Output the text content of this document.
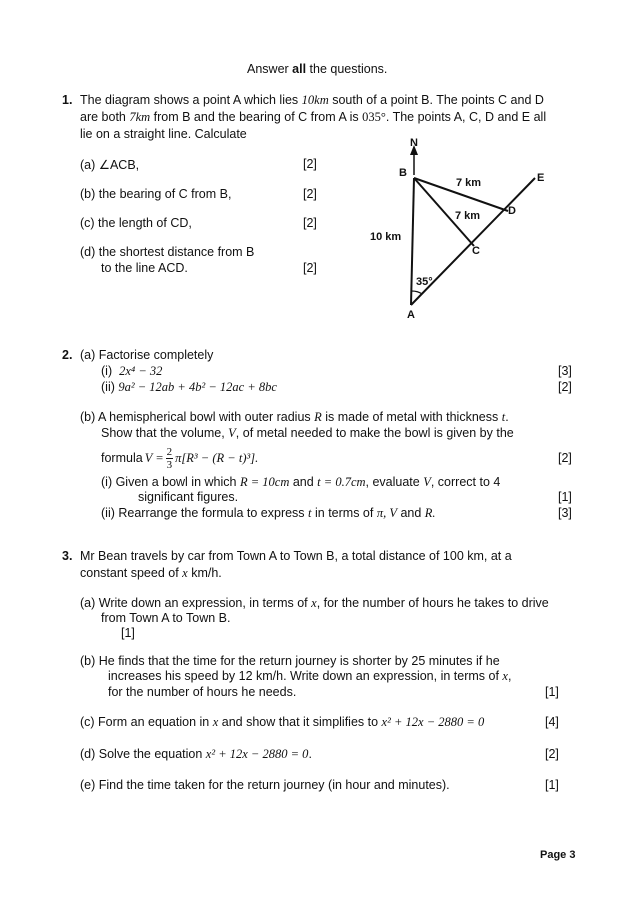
Answer all the questions.
1. The diagram shows a point A which lies 10km south of a point B. The points C and D
are both 7km from B and the bearing of C from A is 035°. The points A, C, D and E all
lie on a straight line. Calculate
(a) ∠ACB,	[2]
(b) the bearing of C from B,	[2]
(c) the length of CD,	[2]
(d) the shortest distance from B
to the line ACD.	[2]
N
B	E
D
C
A
7 km
7 km
10 km
35°
2. (a) Factorise completely
(i) 2x⁴ − 32	[3]
(ii) 9a² − 12ab + 4b² − 12ac + 8bc	[2]
(b) A hemispherical bowl with outer radius R is made of metal with thickness t.
Show that the volume, V, of metal needed to make the bowl is given by the
formula $V = \frac{2}{3} \pi[R^3 - (R - t)^3]$.	[2]
(i) Given a bowl in which R = 10cm and t = 0.7cm, evaluate V, correct to 4
significant figures.	[1]
(ii) Rearrange the formula to express t in terms of π, V and R.	[3]
3. Mr Bean travels by car from Town A to Town B, a total distance of 100 km, at a
constant speed of x km/h.
(a) Write down an expression, in terms of x, for the number of hours he takes to drive
from Town A to Town B.
[1]
(b) He finds that the time for the return journey is shorter by 25 minutes if he
increases his speed by 12 km/h. Write down an expression, in terms of x,
for the number of hours he needs.	[1]
(c) Form an equation in x and show that it simplifies to x² + 12x − 2880 = 0	[4]
(d) Solve the equation x² + 12x − 2880 = 0.	[2]
(e) Find the time taken for the return journey (in hour and minutes).	[1]
Page 3
